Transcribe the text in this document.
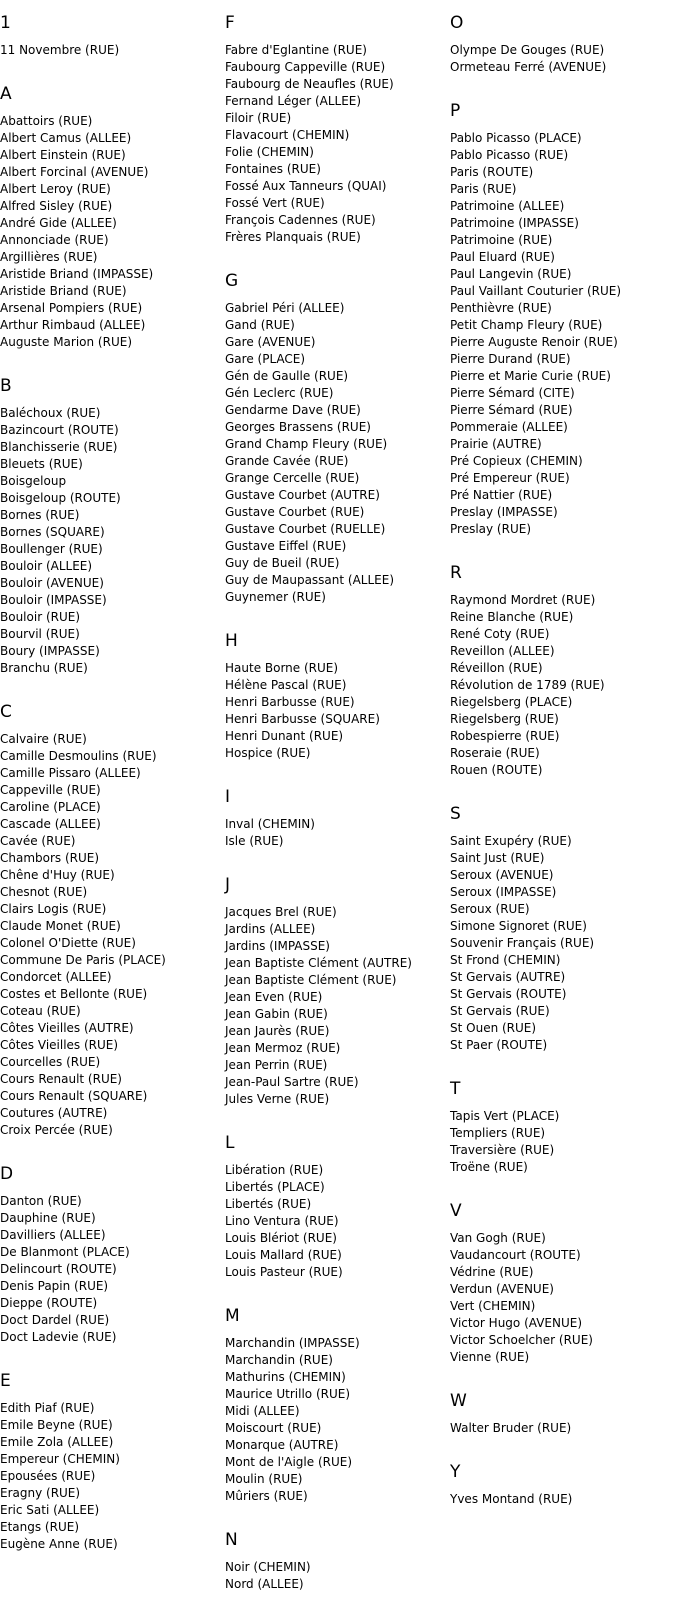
1
11 Novembre (RUE)
A
Abattoirs (RUE)
Albert Camus (ALLEE)
Albert Einstein (RUE)
Albert Forcinal (AVENUE)
Albert Leroy (RUE)
Alfred Sisley (RUE)
André Gide (ALLEE)
Annonciade (RUE)
Argillières (RUE)
Aristide Briand (IMPASSE)
Aristide Briand (RUE)
Arsenal Pompiers (RUE)
Arthur Rimbaud (ALLEE)
Auguste Marion (RUE)
B
Baléchoux (RUE)
Bazincourt (ROUTE)
Blanchisserie (RUE)
Bleuets (RUE)
Boisgeloup
Boisgeloup (ROUTE)
Bornes (RUE)
Bornes (SQUARE)
Boullenger (RUE)
Bouloir (ALLEE)
Bouloir (AVENUE)
Bouloir (IMPASSE)
Bouloir (RUE)
Bourvil (RUE)
Boury (IMPASSE)
Branchu (RUE)
C
Calvaire (RUE)
Camille Desmoulins (RUE)
Camille Pissaro (ALLEE)
Cappeville (RUE)
Caroline (PLACE)
Cascade (ALLEE)
Cavée (RUE)
Chambors (RUE)
Chêne d'Huy (RUE)
Chesnot (RUE)
Clairs Logis (RUE)
Claude Monet (RUE)
Colonel O'Diette (RUE)
Commune De Paris (PLACE)
Condorcet (ALLEE)
Costes et Bellonte (RUE)
Coteau (RUE)
Côtes Vieilles (AUTRE)
Côtes Vieilles (RUE)
Courcelles (RUE)
Cours Renault (RUE)
Cours Renault (SQUARE)
Coutures (AUTRE)
Croix Percée (RUE)
D
Danton (RUE)
Dauphine (RUE)
Davilliers (ALLEE)
De Blanmont (PLACE)
Delincourt (ROUTE)
Denis Papin (RUE)
Dieppe (ROUTE)
Doct Dardel (RUE)
Doct Ladevie (RUE)
E
Edith Piaf (RUE)
Emile Beyne (RUE)
Emile Zola (ALLEE)
Empereur (CHEMIN)
Epousées (RUE)
Eragny (RUE)
Eric Sati (ALLEE)
Etangs (RUE)
Eugène Anne (RUE)
F
Fabre d'Eglantine (RUE)
Faubourg Cappeville (RUE)
Faubourg de Neaufles (RUE)
Fernand Léger (ALLEE)
Filoir (RUE)
Flavacourt (CHEMIN)
Folie (CHEMIN)
Fontaines (RUE)
Fossé Aux Tanneurs (QUAI)
Fossé Vert (RUE)
François Cadennes (RUE)
Frères Planquais (RUE)
G
Gabriel Péri (ALLEE)
Gand (RUE)
Gare (AVENUE)
Gare (PLACE)
Gén de Gaulle (RUE)
Gén Leclerc (RUE)
Gendarme Dave (RUE)
Georges Brassens (RUE)
Grand Champ Fleury (RUE)
Grande Cavée (RUE)
Grange Cercelle (RUE)
Gustave Courbet (AUTRE)
Gustave Courbet (RUE)
Gustave Courbet (RUELLE)
Gustave Eiffel (RUE)
Guy de Bueil (RUE)
Guy de Maupassant (ALLEE)
Guynemer (RUE)
H
Haute Borne (RUE)
Hélène Pascal (RUE)
Henri Barbusse (RUE)
Henri Barbusse (SQUARE)
Henri Dunant (RUE)
Hospice (RUE)
I
Inval (CHEMIN)
Isle (RUE)
J
Jacques Brel (RUE)
Jardins (ALLEE)
Jardins (IMPASSE)
Jean Baptiste Clément (AUTRE)
Jean Baptiste Clément (RUE)
Jean Even (RUE)
Jean Gabin (RUE)
Jean Jaurès (RUE)
Jean Mermoz (RUE)
Jean Perrin (RUE)
Jean-Paul Sartre (RUE)
Jules Verne (RUE)
L
Libération (RUE)
Libertés (PLACE)
Libertés (RUE)
Lino Ventura (RUE)
Louis Blériot (RUE)
Louis Mallard (RUE)
Louis Pasteur (RUE)
M
Marchandin (IMPASSE)
Marchandin (RUE)
Mathurins (CHEMIN)
Maurice Utrillo (RUE)
Midi (ALLEE)
Moiscourt (RUE)
Monarque (AUTRE)
Mont de l'Aigle (RUE)
Moulin (RUE)
Mûriers (RUE)
N
Noir (CHEMIN)
Nord (ALLEE)
O
Olympe De Gouges (RUE)
Ormeteau Ferré (AVENUE)
P
Pablo Picasso (PLACE)
Pablo Picasso (RUE)
Paris (ROUTE)
Paris (RUE)
Patrimoine (ALLEE)
Patrimoine (IMPASSE)
Patrimoine (RUE)
Paul Eluard (RUE)
Paul Langevin (RUE)
Paul Vaillant Couturier (RUE)
Penthièvre (RUE)
Petit Champ Fleury (RUE)
Pierre Auguste Renoir (RUE)
Pierre Durand (RUE)
Pierre et Marie Curie (RUE)
Pierre Sémard (CITE)
Pierre Sémard (RUE)
Pommeraie (ALLEE)
Prairie (AUTRE)
Pré Copieux (CHEMIN)
Pré Empereur (RUE)
Pré Nattier (RUE)
Preslay (IMPASSE)
Preslay (RUE)
R
Raymond Mordret (RUE)
Reine Blanche (RUE)
René Coty (RUE)
Reveillon (ALLEE)
Réveillon (RUE)
Révolution de 1789 (RUE)
Riegelsberg (PLACE)
Riegelsberg (RUE)
Robespierre (RUE)
Roseraie (RUE)
Rouen (ROUTE)
S
Saint Exupéry (RUE)
Saint Just (RUE)
Seroux (AVENUE)
Seroux (IMPASSE)
Seroux (RUE)
Simone Signoret (RUE)
Souvenir Français (RUE)
St Frond (CHEMIN)
St Gervais (AUTRE)
St Gervais (ROUTE)
St Gervais (RUE)
St Ouen (RUE)
St Paer (ROUTE)
T
Tapis Vert (PLACE)
Templiers (RUE)
Traversière (RUE)
Troëne (RUE)
V
Van Gogh (RUE)
Vaudancourt (ROUTE)
Védrine (RUE)
Verdun (AVENUE)
Vert (CHEMIN)
Victor Hugo (AVENUE)
Victor Schoelcher (RUE)
Vienne (RUE)
W
Walter Bruder (RUE)
Y
Yves Montand (RUE)
